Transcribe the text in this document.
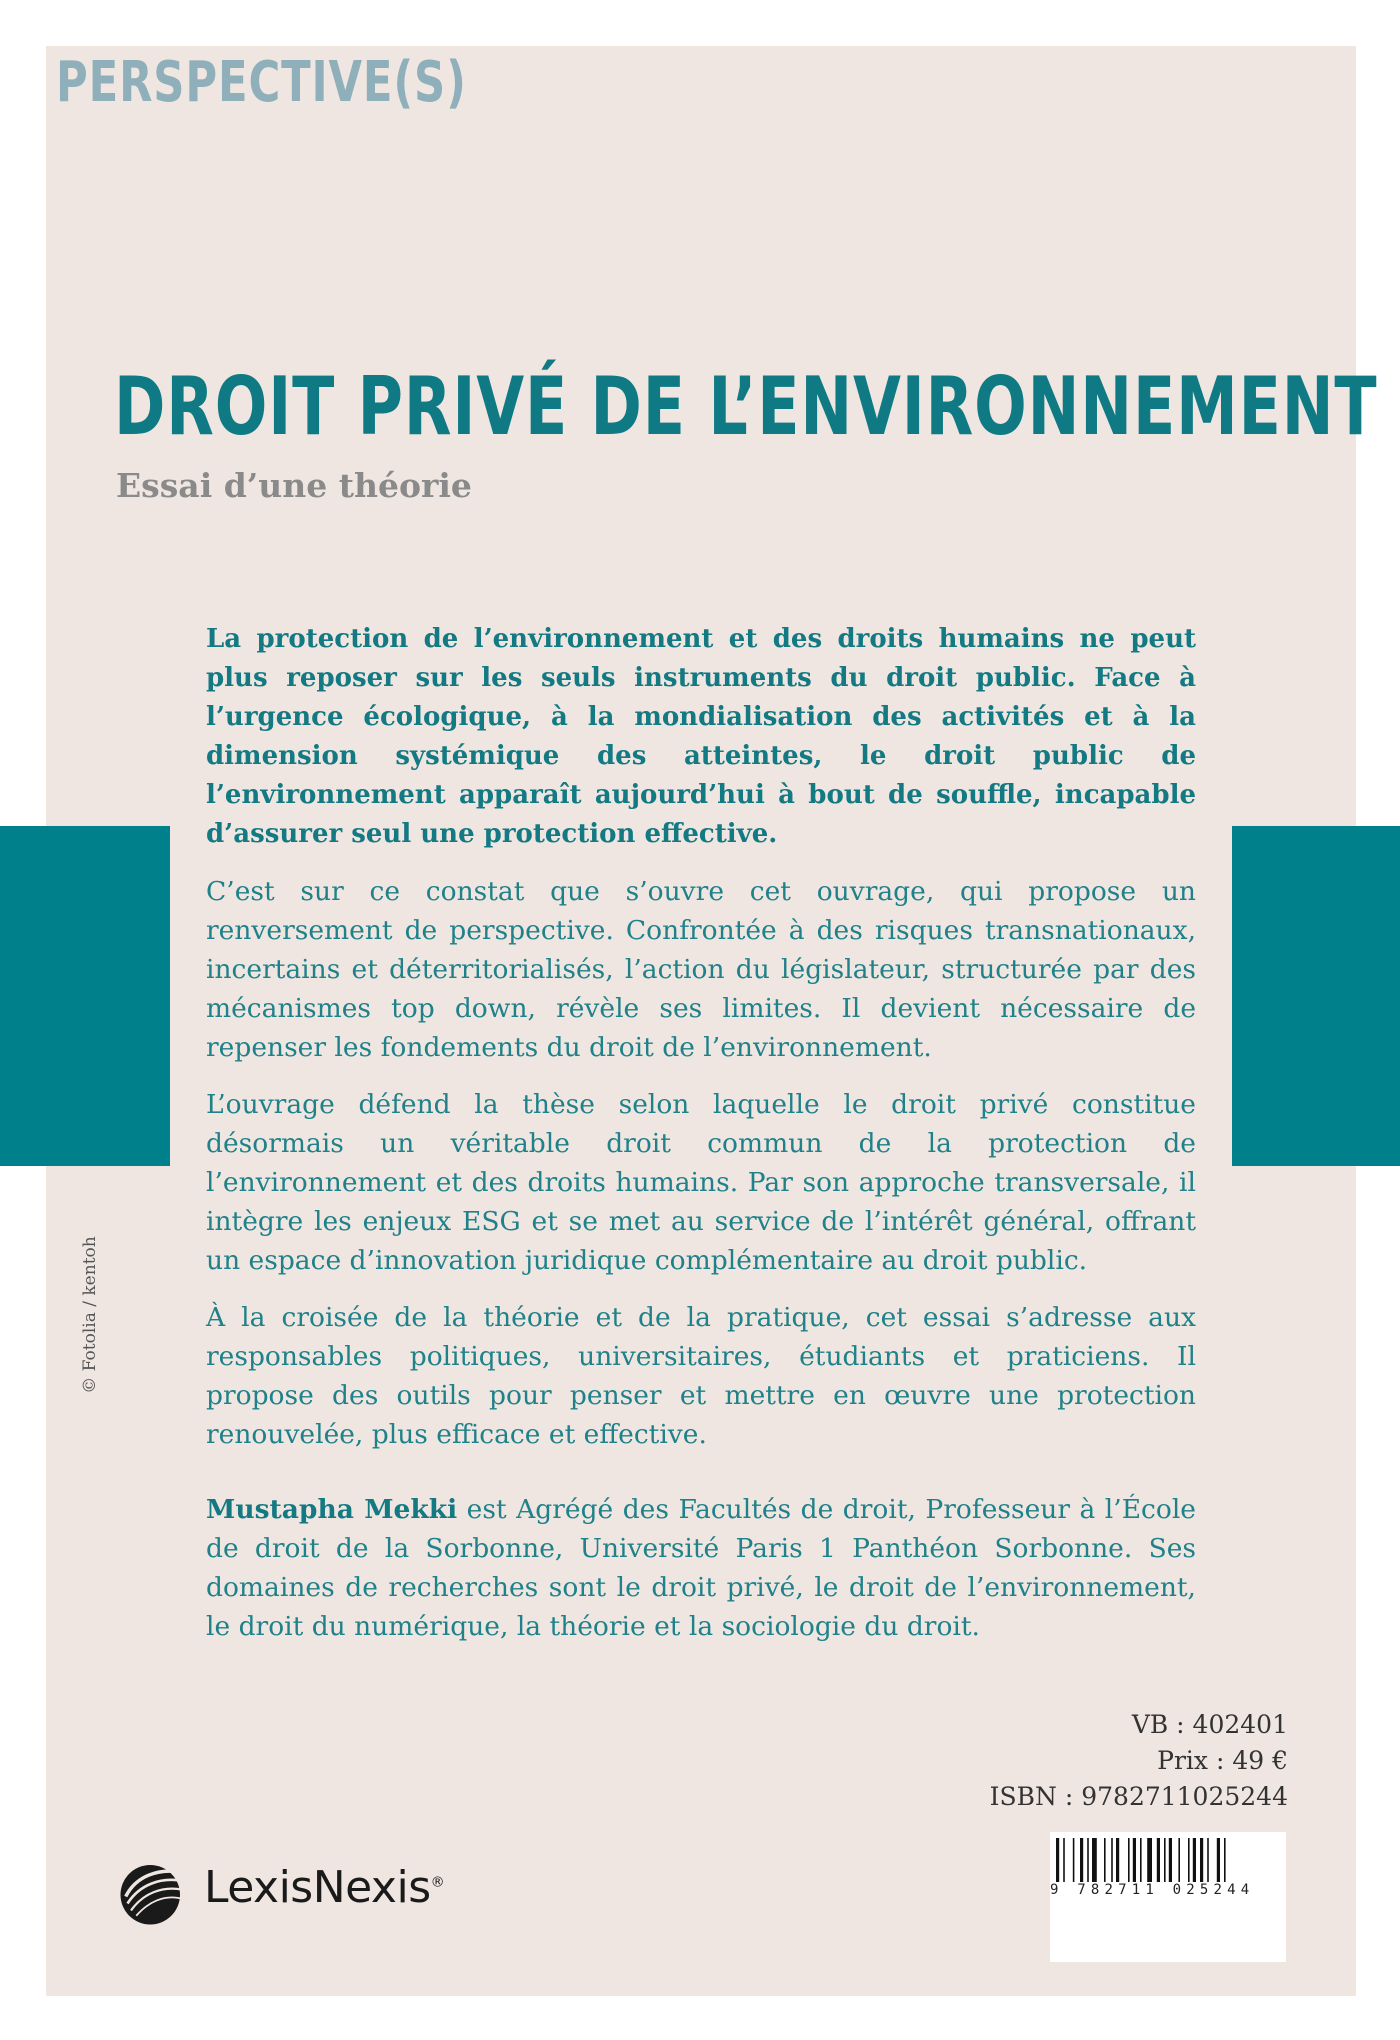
PERSPECTIVE(S)
DROIT PRIVÉ DE L’ENVIRONNEMENT
Essai d’une théorie

La protection de l’environnement et des droits humains ne peut plus reposer sur les seuls instruments du droit public. Face à l’urgence écologique, à la mondialisation des activités et à la dimension systémique des atteintes, le droit public de l’environnement apparaît aujourd’hui à bout de souffle, incapable d’assurer seul une protection effective.

C’est sur ce constat que s’ouvre cet ouvrage, qui propose un renversement de perspective. Confrontée à des risques transnationaux, incertains et déterritorialisés, l’action du législateur, structurée par des mécanismes top down, révèle ses limites. Il devient nécessaire de repenser les fondements du droit de l’environnement.

L’ouvrage défend la thèse selon laquelle le droit privé constitue désormais un véritable droit commun de la protection de l’environnement et des droits humains. Par son approche transversale, il intègre les enjeux ESG et se met au service de l’intérêt général, offrant un espace d’innovation juridique complémentaire au droit public.

À la croisée de la théorie et de la pratique, cet essai s’adresse aux responsables politiques, universitaires, étudiants et praticiens. Il propose des outils pour penser et mettre en œuvre une protection renouvelée, plus efficace et effective.

Mustapha Mekki est Agrégé des Facultés de droit, Professeur à l’École de droit de la Sorbonne, Université Paris 1 Panthéon Sorbonne. Ses domaines de recherches sont le droit privé, le droit de l’environnement, le droit du numérique, la théorie et la sociologie du droit.

© Fotolia / kentoh
VB : 402401
Prix : 49 €
ISBN : 9782711025244
9 782711 025244
LexisNexis®
